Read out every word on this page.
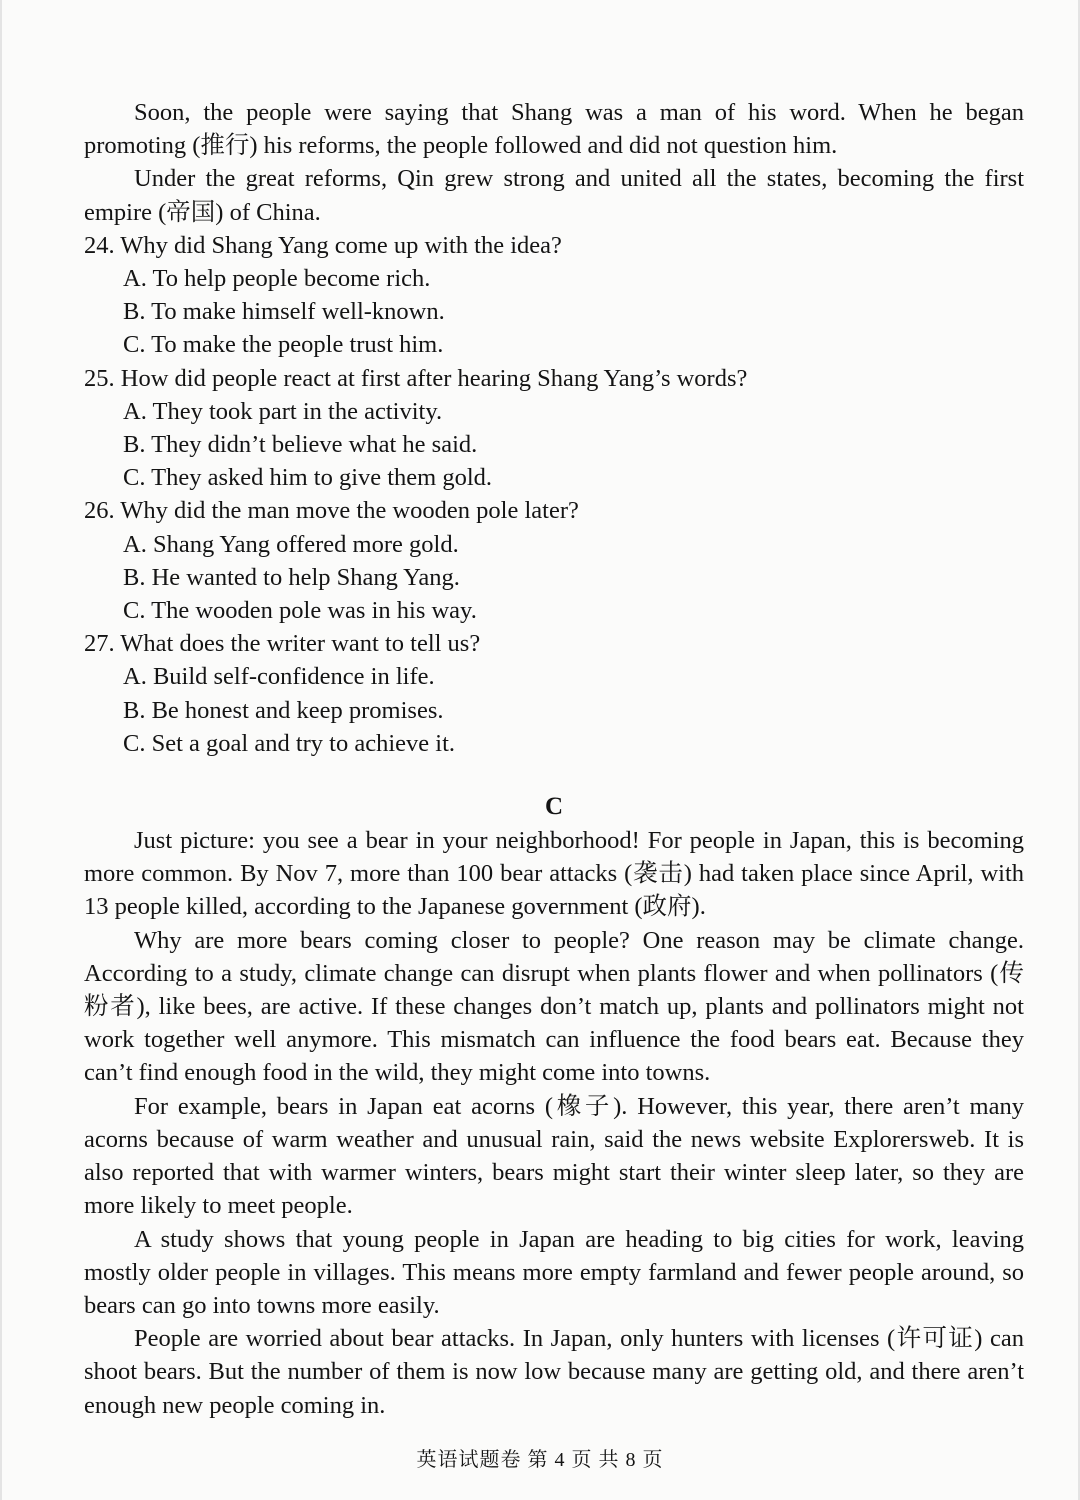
Soon, the people were saying that Shang was a man of his word. When he began promoting (推行) his reforms, the people followed and did not question him.

Under the great reforms, Qin grew strong and united all the states, becoming the first empire (帝国) of China.

24. Why did Shang Yang come up with the idea?

A. To help people become rich.

B. To make himself well-known.

C. To make the people trust him.

25. How did people react at first after hearing Shang Yang’s words?

A. They took part in the activity.

B. They didn’t believe what he said.

C. They asked him to give them gold.

26. Why did the man move the wooden pole later?

A. Shang Yang offered more gold.

B. He wanted to help Shang Yang.

C. The wooden pole was in his way.

27. What does the writer want to tell us?

A. Build self-confidence in life.

B. Be honest and keep promises.

C. Set a goal and try to achieve it.

C

Just picture: you see a bear in your neighborhood! For people in Japan, this is becoming more common. By Nov 7, more than 100 bear attacks (袭击) had taken place since April, with 13 people killed, according to the Japanese government (政府).

Why are more bears coming closer to people? One reason may be climate change. According to a study, climate change can disrupt when plants flower and when pollinators (传粉者), like bees, are active. If these changes don’t match up, plants and pollinators might not work together well anymore. This mismatch can influence the food bears eat. Because they can’t find enough food in the wild, they might come into towns.

For example, bears in Japan eat acorns (橡子). However, this year, there aren’t many acorns because of warm weather and unusual rain, said the news website Explorersweb. It is also reported that with warmer winters, bears might start their winter sleep later, so they are more likely to meet people.

A study shows that young people in Japan are heading to big cities for work, leaving mostly older people in villages. This means more empty farmland and fewer people around, so bears can go into towns more easily.

People are worried about bear attacks. In Japan, only hunters with licenses (许可证) can shoot bears. But the number of them is now low because many are getting old, and there aren’t enough new people coming in.

英语试题卷 第 4 页 共 8 页
